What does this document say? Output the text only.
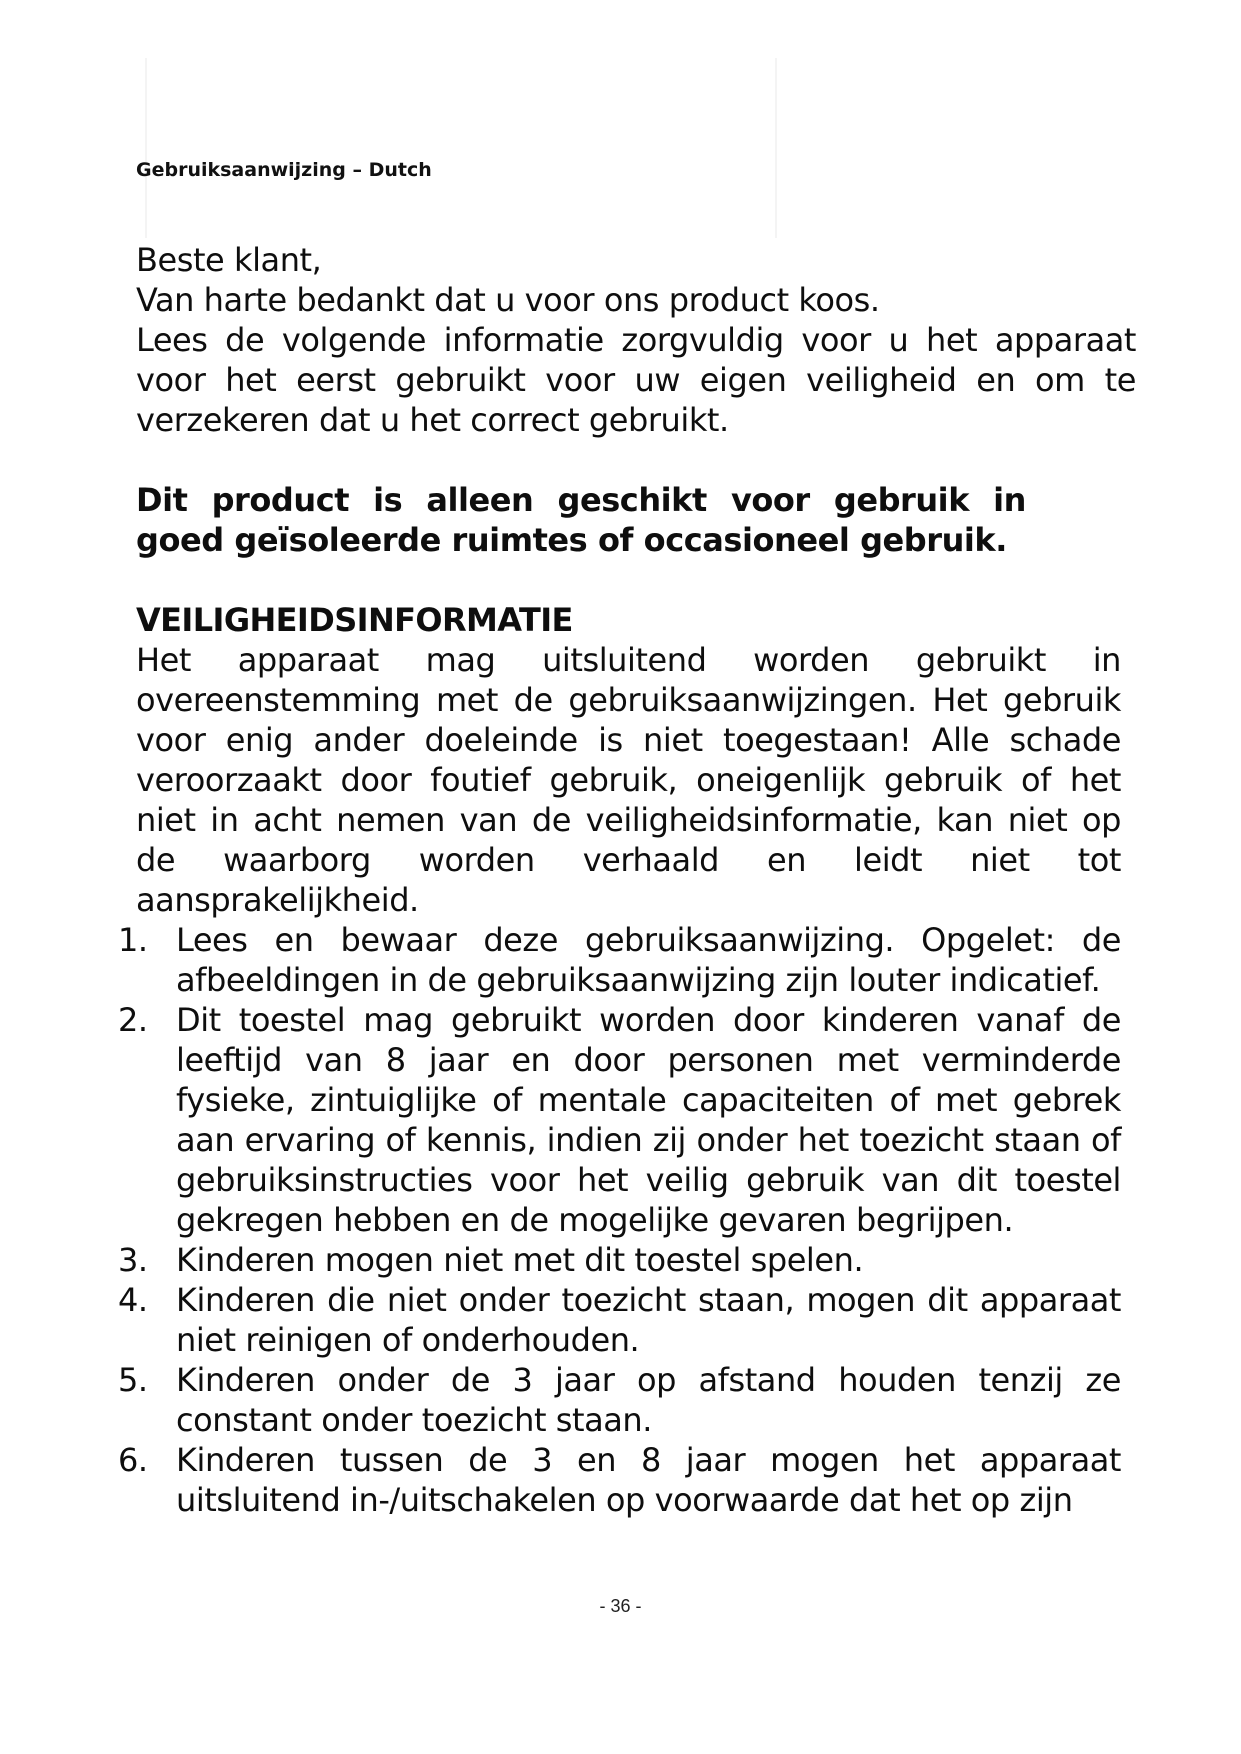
Gebruiksaanwijzing – Dutch

Beste klant,

Van harte bedankt dat u voor ons product koos.

Lees de volgende informatie zorgvuldig voor u het apparaat voor het eerst gebruikt voor uw eigen veiligheid en om te verzekeren dat u het correct gebruikt.

Dit product is alleen geschikt voor gebruik in goed geïsoleerde ruimtes of occasioneel gebruik.

VEILIGHEIDSINFORMATIE

Het apparaat mag uitsluitend worden gebruikt in overeenstemming met de gebruiksaanwijzingen. Het gebruik voor enig ander doeleinde is niet toegestaan! Alle schade veroorzaakt door foutief gebruik, oneigenlijk gebruik of het niet in acht nemen van de veiligheidsinformatie, kan niet op de waarborg worden verhaald en leidt niet tot aansprakelijkheid.

1. Lees en bewaar deze gebruiksaanwijzing. Opgelet: de afbeeldingen in de gebruiksaanwijzing zijn louter indicatief.
2. Dit toestel mag gebruikt worden door kinderen vanaf de leeftijd van 8 jaar en door personen met verminderde fysieke, zintuiglijke of mentale capaciteiten of met gebrek aan ervaring of kennis, indien zij onder het toezicht staan of gebruiksinstructies voor het veilig gebruik van dit toestel gekregen hebben en de mogelijke gevaren begrijpen.
3. Kinderen mogen niet met dit toestel spelen.
4. Kinderen die niet onder toezicht staan, mogen dit apparaat niet reinigen of onderhouden.
5. Kinderen onder de 3 jaar op afstand houden tenzij ze constant onder toezicht staan.
6. Kinderen tussen de 3 en 8 jaar mogen het apparaat uitsluitend in-/uitschakelen op voorwaarde dat het op zijn
- 36 -
